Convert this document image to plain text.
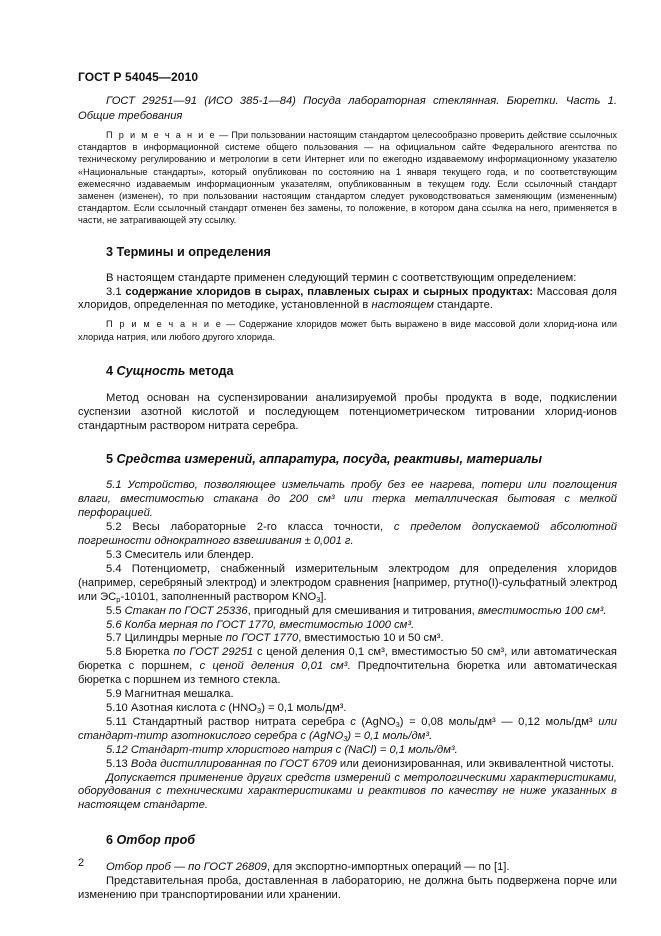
ГОСТ Р 54045—2010

ГОСТ 29251—91 (ИСО 385-1—84) Посуда лабораторная стеклянная. Бюретки. Часть 1. Общие требования

П р и м е ч а н и е — При пользовании настоящим стандартом целесообразно проверить действие ссылочных стандартов в информационной системе общего пользования — на официальном сайте Федерального агентства по техническому регулированию и метрологии в сети Интернет или по ежегодно издаваемому информационному указателю «Национальные стандарты», который опубликован по состоянию на 1 января текущего года, и по соответствующим ежемесячно издаваемым информационным указателям, опубликованным в текущем году. Если ссылочный стандарт заменен (изменен), то при пользовании настоящим стандартом следует руководствоваться заменяющим (измененным) стандартом. Если ссылочный стандарт отменен без замены, то положение, в котором дана ссылка на него, применяется в части, не затрагивающей эту ссылку.

3 Термины и определения

В настоящем стандарте применен следующий термин с соответствующим определением:

3.1 содержание хлоридов в сырах, плавленых сырах и сырных продуктах: Массовая доля хлоридов, определенная по методике, установленной в настоящем стандарте.

П р и м е ч а н и е — Содержание хлоридов может быть выражено в виде массовой доли хлорид-иона или хлорида натрия, или любого другого хлорида.

4 Сущность метода

Метод основан на суспензировании анализируемой пробы продукта в воде, подкислении суспензии азотной кислотой и последующем потенциометрическом титровании хлорид-ионов стандартным раствором нитрата серебра.

5 Средства измерений, аппаратура, посуда, реактивы, материалы

5.1 Устройство, позволяющее измельчать пробу без ее нагрева, потери или поглощения влаги, вместимостью стакана до 200 см³ или терка металлическая бытовая с мелкой перфорацией.

5.2 Весы лабораторные 2-го класса точности, с пределом допускаемой абсолютной погрешности однократного взвешивания ± 0,001 г.

5.3 Смеситель или блендер.

5.4 Потенциометр, снабженный измерительным электродом для определения хлоридов (например, серебряный электрод) и электродом сравнения [например, ртутно(I)-сульфатный электрод или $ЭС_р-10101$, заполненный раствором $KNO_3$].

5.5 Стакан по ГОСТ 25336, пригодный для смешивания и титрования, вместимостью 100 см³.

5.6 Колба мерная по ГОСТ 1770, вместимостью 1000 см³.

5.7 Цилиндры мерные по ГОСТ 1770, вместимостью 10 и 50 см³.

5.8 Бюретка по ГОСТ 29251 с ценой деления 0,1 см³, вместимостью 50 см³, или автоматическая бюретка с поршнем, с ценой деления 0,01 см³. Предпочтительна бюретка или автоматическая бюретка с поршнем из темного стекла.

5.9 Магнитная мешалка.

5.10 Азотная кислота c $(HNO_3) = 0,1$ моль/дм³.

5.11 Стандартный раствор нитрата серебра c (AgNO$_3$) = 0,08 моль/дм³ — 0,12 моль/дм³ или стандарт-титр азотнокислого серебра c (AgNO$_3$) = 0,1 моль/дм³.

5.12 Стандарт-титр хлористого натрия c (NaCl) = 0,1 моль/дм³.

5.13 Вода дистиллированная по ГОСТ 6709 или деионизированная, или эквивалентной чистоты.

Допускается применение других средств измерений с метрологическими характеристиками, оборудования с техническими характеристиками и реактивов по качеству не ниже указанных в настоящем стандарте.

6 Отбор проб

Отбор проб — по ГОСТ 26809, для экспортно-импортных операций — по [1].

Представительная проба, доставленная в лабораторию, не должна быть подвержена порче или изменению при транспортировании или хранении.

2
